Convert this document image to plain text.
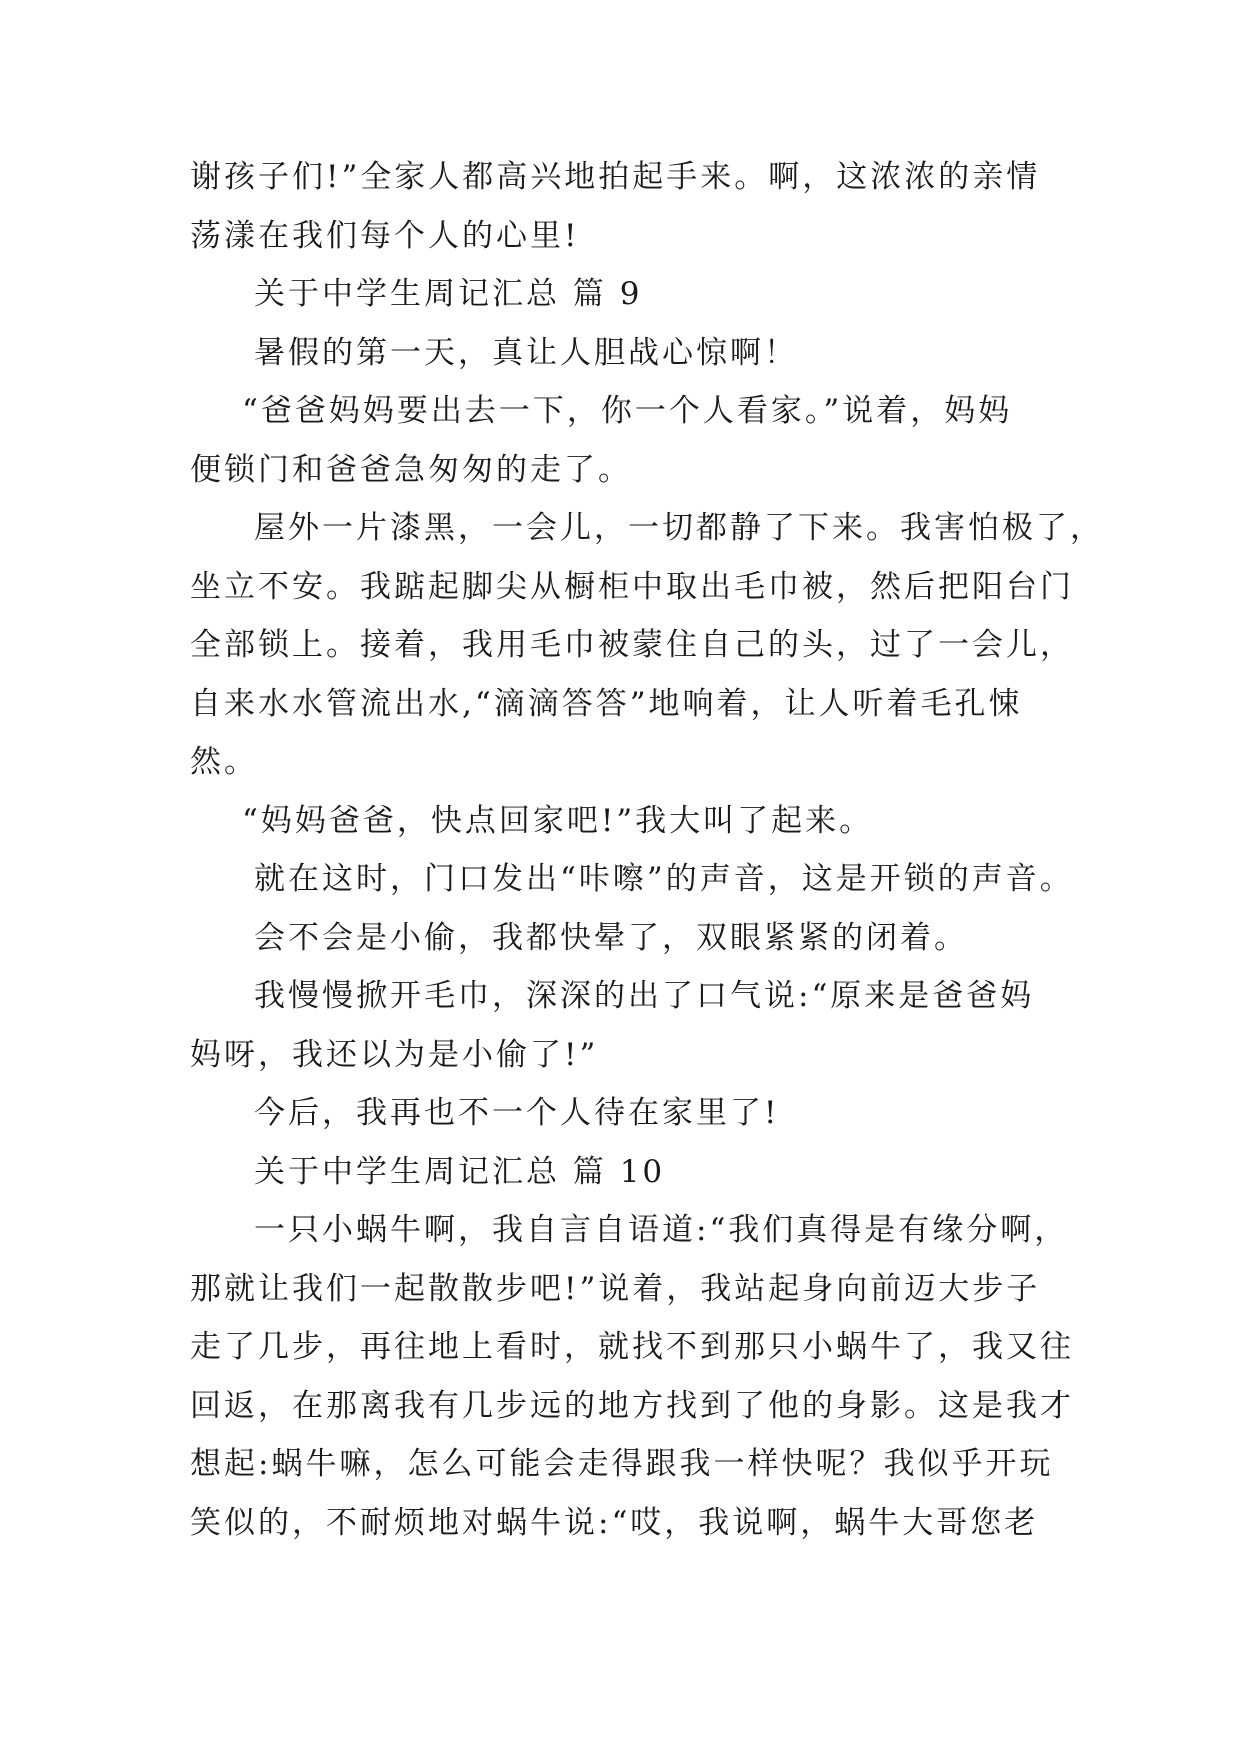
谢孩子们!”全家人都高兴地拍起手来。啊，这浓浓的亲情
荡漾在我们每个人的心里!
关于中学生周记汇总 篇 9
暑假的第一天，真让人胆战心惊啊！
“爸爸妈妈要出去一下，你一个人看家。”说着，妈妈
便锁门和爸爸急匆匆的走了。
屋外一片漆黑，一会儿，一切都静了下来。我害怕极了，
坐立不安。我踮起脚尖从橱柜中取出毛巾被，然后把阳台门
全部锁上。接着，我用毛巾被蒙住自己的头，过了一会儿，
自来水水管流出水,“滴滴答答”地响着，让人听着毛孔悚
然。
“妈妈爸爸，快点回家吧!”我大叫了起来。
就在这时，门口发出“咔嚓”的声音，这是开锁的声音。
会不会是小偷，我都快晕了，双眼紧紧的闭着。
我慢慢掀开毛巾，深深的出了口气说:“原来是爸爸妈
妈呀，我还以为是小偷了!”
今后，我再也不一个人待在家里了!
关于中学生周记汇总 篇 10
一只小蜗牛啊，我自言自语道:“我们真得是有缘分啊，
那就让我们一起散散步吧!”说着，我站起身向前迈大步子
走了几步，再往地上看时，就找不到那只小蜗牛了，我又往
回返，在那离我有几步远的地方找到了他的身影。这是我才
想起:蜗牛嘛，怎么可能会走得跟我一样快呢？我似乎开玩
笑似的，不耐烦地对蜗牛说:“哎，我说啊，蜗牛大哥您老
